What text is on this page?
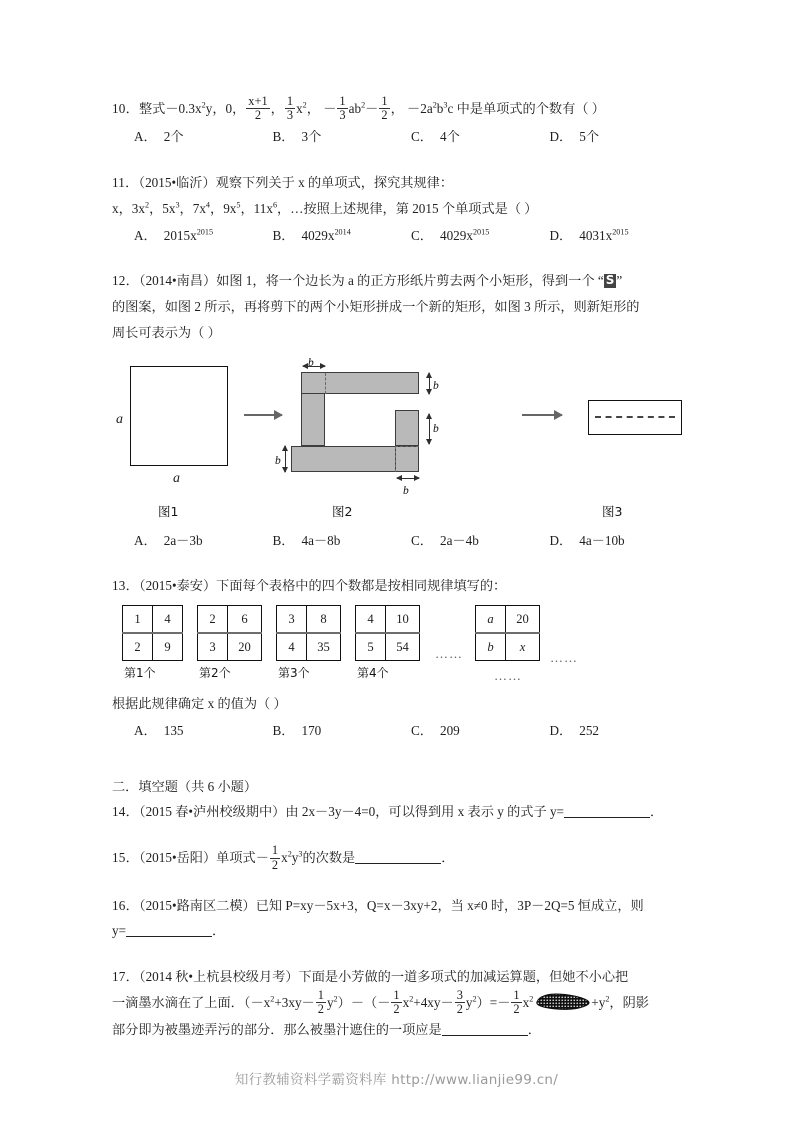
10．整式$-0.3x^2y$，0， $\frac{x+1}{2}$ ， $\frac{1}{3} x^2$， － $\frac{1}{3} ab^2- \frac{1}{2}$ ， $-2a^2b^3c$ 中是单项式的个数有（ ）
A． 2个	B． 3个	C． 4个	D． 5个
11．（2015•临沂）观察下列关于 x 的单项式，探究其规律：
x，$3x^2$，$5x^3$，$7x^4$，$9x^5$，$11x^6$，…按照上述规律，第 2015 个单项式是（ ）
A． $2015x^{2015}$	B． $4029x^{2014}$	C． $4029x^{2015}$	D． $4031x^{2015}$
12．（2014•南昌）如图 1，将一个边长为 a 的正方形纸片剪去两个小矩形，得到一个 “ S ”
的图案，如图 2 所示，再将剪下的两个小矩形拼成一个新的矩形，如图 3 所示，则新矩形的
周长可表示为（ ）
a
a
b
b
b
b
b
图1	图2	图3
A． 2a－3b	B． 4a－8b	C． 2a－4b	D． 4a－10b
13．（2015•泰安）下面每个表格中的四个数都是按相同规律填写的：
1	4
2	9
第1个
2	6
3	20
第2个
3	8
4	35
第3个
4	10
5	54
第4个
……
a	20
b	x
……
……
根据此规律确定 x 的值为（ ）
A． 135	B． 170	C． 209	D． 252
二．填空题（共 6 小题）
14．（2015 春•泸州校级期中）由 2x－3y－4=0，可以得到用 x 表示 y 的式子 y=	．
15．（2015•岳阳）单项式－ $\frac{1}{2} x^2y^3$的次数是	．
16．（2015•路南区二模）已知 P=xy－5x+3，Q=x－3xy+2，当 x≠0 时，3P－2Q=5 恒成立，则
y=	．
17．（2014 秋•上杭县校级月考）下面是小芳做的一道多项式的加减运算题，但她不小心把
一滴墨水滴在了上面．$(-x^2+3xy- \frac{1}{2} y^2)-(- \frac{1}{2} x^2+4xy- \frac{3}{2} y^2)=- \frac{1}{2} x^2$	$+y^2$，阴影
部分即为被墨迹弄污的部分．那么被墨汁遮住的一项应是	．
知行教辅资料学霸资料库 http://www.lianjie99.cn/
